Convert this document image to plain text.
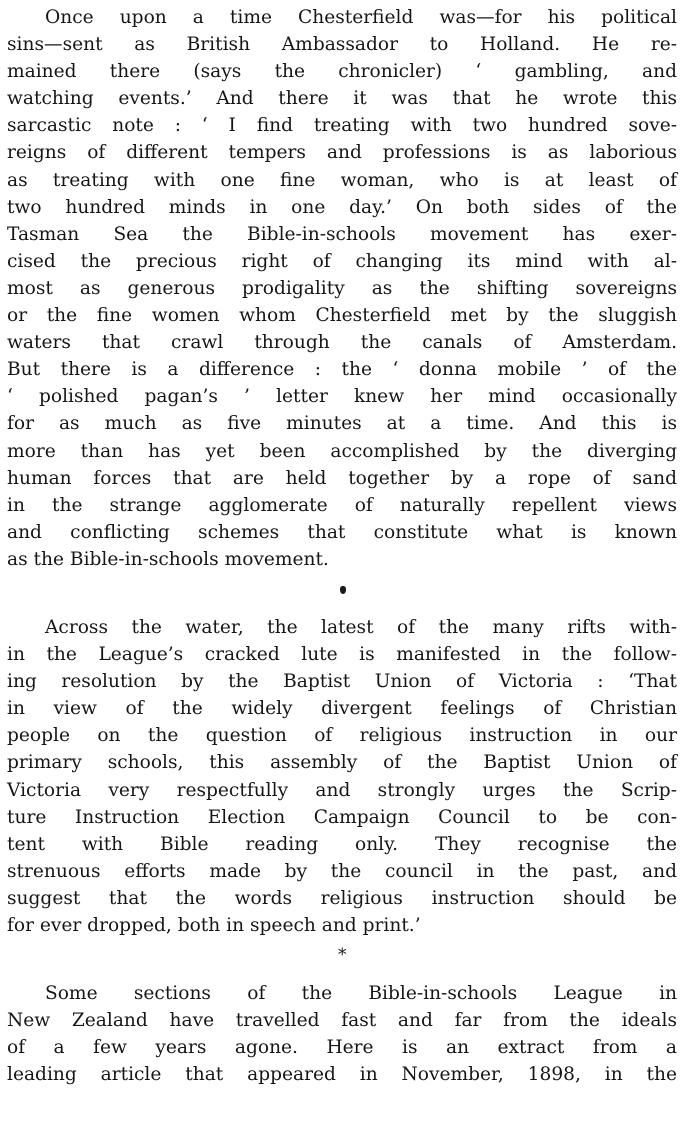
Once upon a time Chesterfield was—for his political
sins—sent as British Ambassador to Holland. He re-
mained there (says the chronicler) ‘ gambling, and
watching events.’ And there it was that he wrote this
sarcastic note : ‘ I find treating with two hundred sove-
reigns of different tempers and professions is as laborious
as treating with one fine woman, who is at least of
two hundred minds in one day.’ On both sides of the
Tasman Sea the Bible-in-schools movement has exer-
cised the precious right of changing its mind with al-
most as generous prodigality as the shifting sovereigns
or the fine women whom Chesterfield met by the sluggish
waters that crawl through the canals of Amsterdam.
But there is a difference : the ‘ donna mobile ’ of the
‘ polished pagan’s ’ letter knew her mind occasionally
for as much as five minutes at a time. And this is
more than has yet been accomplished by the diverging
human forces that are held together by a rope of sand
in the strange agglomerate of naturally repellent views
and conflicting schemes that constitute what is known
as the Bible-in-schools movement.
Across the water, the latest of the many rifts with-
in the League’s cracked lute is manifested in the follow-
ing resolution by the Baptist Union of Victoria : ‘That
in view of the widely divergent feelings of Christian
people on the question of religious instruction in our
primary schools, this assembly of the Baptist Union of
Victoria very respectfully and strongly urges the Scrip-
ture Instruction Election Campaign Council to be con-
tent with Bible reading only. They recognise the
strenuous efforts made by the council in the past, and
suggest that the words religious instruction should be
for ever dropped, both in speech and print.’
*
Some sections of the Bible-in-schools League in
New Zealand have travelled fast and far from the ideals
of a few years agone. Here is an extract from a
leading article that appeared in November, 1898, in the
